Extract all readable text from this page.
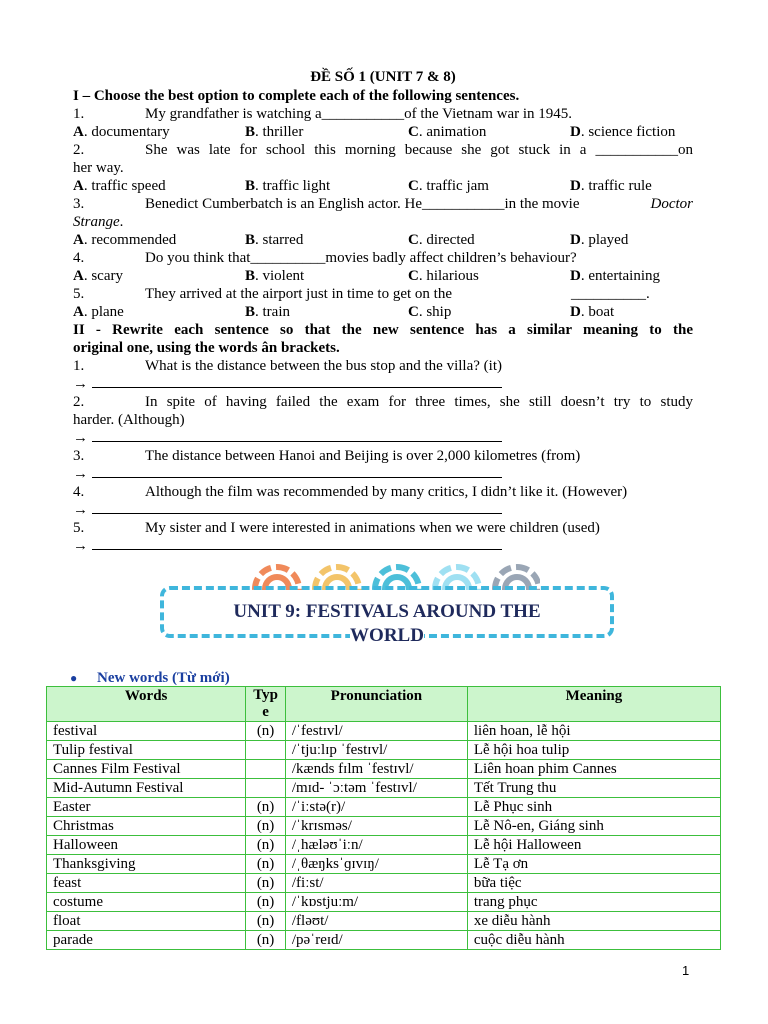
ĐỀ SỐ 1 (UNIT 7 & 8)
I – Choose the best option to complete each of the following sentences.
1.	My grandfather is watching a___________of the Vietnam war in 1945.
A. documentary	B. thriller	C. animation	D. science fiction
2.	She was late for school this morning because she got stuck in a ___________on
her way.
A. traffic speed	B. traffic light	C. traffic jam	D. traffic rule
3.	Benedict Cumberbatch is an English actor. He___________in the movie	Doctor
Strange.
A. recommended	B. starred	C. directed	D. played
4.	Do you think that__________movies badly affect children’s behaviour?
A. scary	B. violent	C. hilarious	D. entertaining
5.	They arrived at the airport just in time to get on the	__________.
A. plane	B. train	C. ship	D. boat
II - Rewrite each sentence so that the new sentence has a similar meaning to the
original one, using the words ân brackets.
1.	What is the distance between the bus stop and the villa? (it)
→
2.	In spite of having failed the exam for three times, she still doesn’t try to study
harder. (Although)
→
3.	The distance between Hanoi and Beijing is over 2,000 kilometres (from)
→
4.	Although the film was recommended by many critics, I didn’t like it. (However)
→
5.	My sister and I were interested in animations when we were children (used)
→
UNIT 9: FESTIVALS AROUND THE
WORLD
● New words (Từ mới)
Words	Typ e	Pronunciation	Meaning
festival	(n)	/ˈfestɪvl/	liên hoan, lễ hội
Tulip festival		/ˈtjuːlɪp ˈfestɪvl/	Lễ hội hoa tulip
Cannes Film Festival		/kænds fɪlm ˈfestɪvl/	Liên hoan phim Cannes
Mid-Autumn Festival		/mɪd- ˈɔːtəm ˈfestɪvl/	Tết Trung thu
Easter	(n)	/ˈiːstə(r)/	Lễ Phục sinh
Christmas	(n)	/ˈkrɪsməs/	Lễ Nô-en, Giáng sinh
Halloween	(n)	/ˌhæləʊˈiːn/	Lễ hội Halloween
Thanksgiving	(n)	/ˌθæŋksˈɡɪvɪŋ/	Lễ Tạ ơn
feast	(n)	/fiːst/	bữa tiệc
costume	(n)	/ˈkɒstjuːm/	trang phục
float	(n)	/fləʊt/	xe diễu hành
parade	(n)	/pəˈreɪd/	cuộc diễu hành
1
